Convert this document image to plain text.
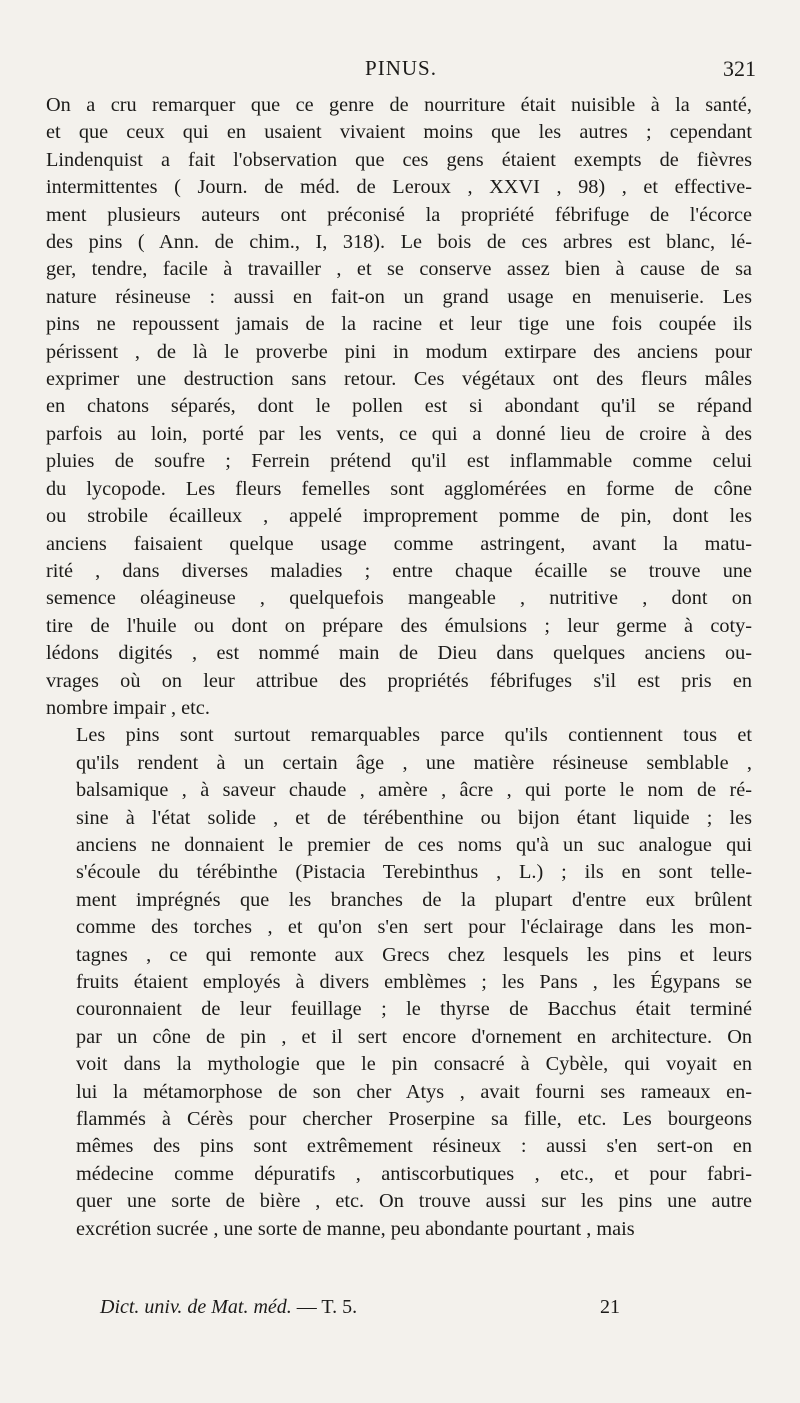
PINUS.	321

On a cru remarquer que ce genre de nourriture était nuisible à la santé,
et que ceux qui en usaient vivaient moins que les autres ; cependant
Lindenquist a fait l'observation que ces gens étaient exempts de fièvres
intermittentes ( Journ. de méd. de Leroux , XXVI , 98) , et effective-
ment plusieurs auteurs ont préconisé la propriété fébrifuge de l'écorce
des pins ( Ann. de chim., I, 318). Le bois de ces arbres est blanc, lé-
ger, tendre, facile à travailler , et se conserve assez bien à cause de sa
nature résineuse : aussi en fait-on un grand usage en menuiserie. Les
pins ne repoussent jamais de la racine et leur tige une fois coupée ils
périssent , de là le proverbe pini in modum extirpare des anciens pour
exprimer une destruction sans retour. Ces végétaux ont des fleurs mâles
en chatons séparés, dont le pollen est si abondant qu'il se répand
parfois au loin, porté par les vents, ce qui a donné lieu de croire à des
pluies de soufre ; Ferrein prétend qu'il est inflammable comme celui
du lycopode. Les fleurs femelles sont agglomérées en forme de cône
ou strobile écailleux , appelé improprement pomme de pin, dont les
anciens faisaient quelque usage comme astringent, avant la matu-
rité , dans diverses maladies ; entre chaque écaille se trouve une
semence oléagineuse , quelquefois mangeable , nutritive , dont on
tire de l'huile ou dont on prépare des émulsions ; leur germe à coty-
lédons digités , est nommé main de Dieu dans quelques anciens ou-
vrages où on leur attribue des propriétés fébrifuges s'il est pris en
nombre impair , etc.

Les pins sont surtout remarquables parce qu'ils contiennent tous et
qu'ils rendent à un certain âge , une matière résineuse semblable ,
balsamique , à saveur chaude , amère , âcre , qui porte le nom de ré-
sine à l'état solide , et de térébenthine ou bijon étant liquide ; les
anciens ne donnaient le premier de ces noms qu'à un suc analogue qui
s'écoule du térébinthe (Pistacia Terebinthus , L.) ; ils en sont telle-
ment imprégnés que les branches de la plupart d'entre eux brûlent
comme des torches , et qu'on s'en sert pour l'éclairage dans les mon-
tagnes , ce qui remonte aux Grecs chez lesquels les pins et leurs
fruits étaient employés à divers emblèmes ; les Pans , les Égypans se
couronnaient de leur feuillage ; le thyrse de Bacchus était terminé
par un cône de pin , et il sert encore d'ornement en architecture. On
voit dans la mythologie que le pin consacré à Cybèle, qui voyait en
lui la métamorphose de son cher Atys , avait fourni ses rameaux en-
flammés à Cérès pour chercher Proserpine sa fille, etc. Les bourgeons
mêmes des pins sont extrêmement résineux : aussi s'en sert-on en
médecine comme dépuratifs , antiscorbutiques , etc., et pour fabri-
quer une sorte de bière , etc. On trouve aussi sur les pins une autre
excrétion sucrée , une sorte de manne, peu abondante pourtant , mais

Dict. univ. de Mat. méd. — T. 5.	21
